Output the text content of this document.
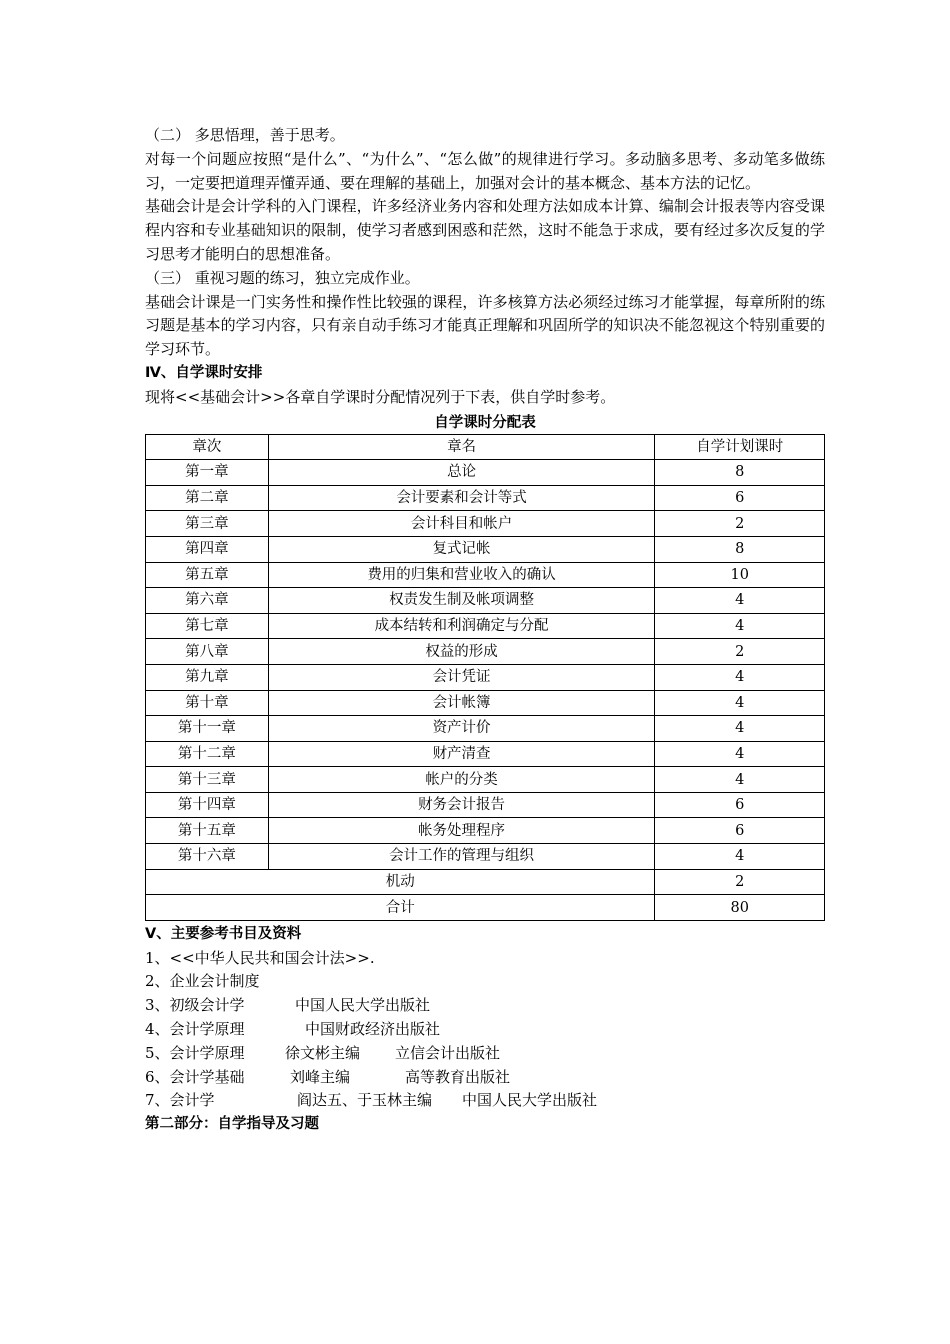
（二） 多思悟理，善于思考。
对每一个问题应按照“是什么”、“为什么”、“怎么做”的规律进行学习。多动脑多思考、多动笔多做练习，一定要把道理弄懂弄通、要在理解的基础上，加强对会计的基本概念、基本方法的记忆。
基础会计是会计学科的入门课程，许多经济业务内容和处理方法如成本计算、编制会计报表等内容受课程内容和专业基础知识的限制，使学习者感到困惑和茫然，这时不能急于求成，要有经过多次反复的学习思考才能明白的思想准备。
（三） 重视习题的练习，独立完成作业。
基础会计课是一门实务性和操作性比较强的课程，许多核算方法必须经过练习才能掌握，每章所附的练习题是基本的学习内容，只有亲自动手练习才能真正理解和巩固所学的知识决不能忽视这个特别重要的学习环节。
Ⅳ、自学课时安排
现将<<基础会计>>各章自学课时分配情况列于下表，供自学时参考。
自学课时分配表
章次	章名	自学计划课时
第一章	总论	8
第二章	会计要素和会计等式	6
第三章	会计科目和帐户	2
第四章	复式记帐	8
第五章	费用的归集和营业收入的确认	10
第六章	权责发生制及帐项调整	4
第七章	成本结转和利润确定与分配	4
第八章	权益的形成	2
第九章	会计凭证	4
第十章	会计帐簿	4
第十一章	资产计价	4
第十二章	财产清查	4
第十三章	帐户的分类	4
第十四章	财务会计报告	6
第十五章	帐务处理程序	6
第十六章	会计工作的管理与组织	4
机动		2
合计		80
Ⅴ、主要参考书目及资料
1、<<中华人民共和国会计法>>.
2、企业会计制度
3、初级会计学	中国人民大学出版社
4、会计学原理	中国财政经济出版社
5、会计学原理	徐文彬主编 立信会计出版社
6、会计学基础	刘峰主编	高等教育出版社
7、会计学	阎达五、于玉林主编 中国人民大学出版社
第二部分：自学指导及习题
